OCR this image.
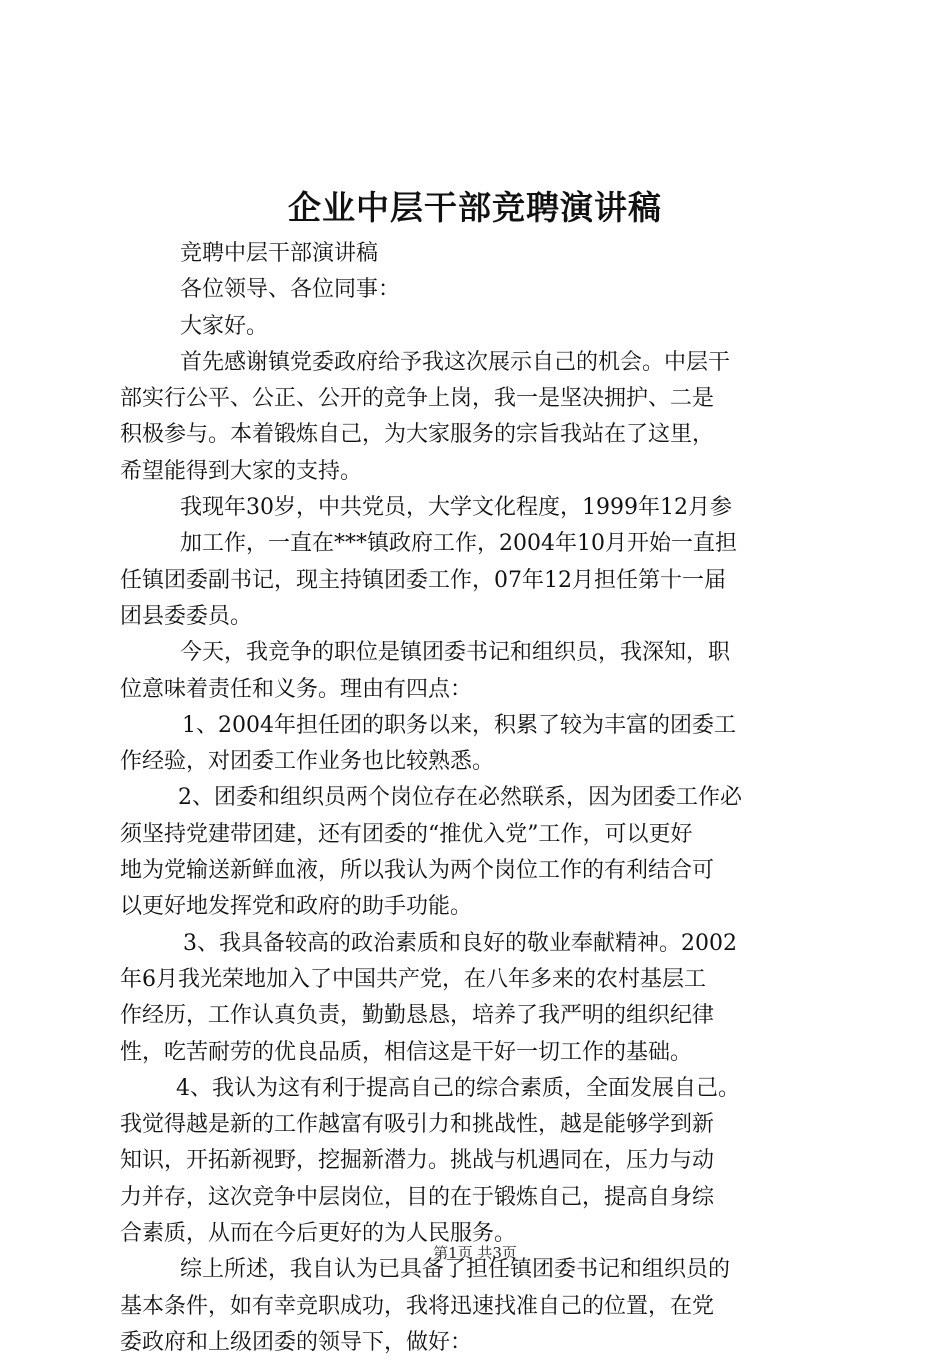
企业中层干部竞聘演讲稿
竞聘中层干部演讲稿
各位领导、各位同事：
大家好。
首先感谢镇党委政府给予我这次展示自己的机会。中层干
部实行公平、公正、公开的竞争上岗，我一是坚决拥护、二是
积极参与。本着锻炼自己，为大家服务的宗旨我站在了这里，
希望能得到大家的支持。
我现年30岁，中共党员，大学文化程度，1999年12月参
加工作，一直在***镇政府工作，2004年10月开始一直担
任镇团委副书记，现主持镇团委工作，07年12月担任第十一届
团县委委员。
今天，我竞争的职位是镇团委书记和组织员，我深知，职
位意味着责任和义务。理由有四点：
1、2004年担任团的职务以来，积累了较为丰富的团委工
作经验，对团委工作业务也比较熟悉。
2、团委和组织员两个岗位存在必然联系，因为团委工作必
须坚持党建带团建，还有团委的“推优入党”工作，可以更好
地为党输送新鲜血液，所以我认为两个岗位工作的有利结合可
以更好地发挥党和政府的助手功能。
3、我具备较高的政治素质和良好的敬业奉献精神。2002
年6月我光荣地加入了中国共产党，在八年多来的农村基层工
作经历，工作认真负责，勤勤恳恳，培养了我严明的组织纪律
性，吃苦耐劳的优良品质，相信这是干好一切工作的基础。
4、我认为这有利于提高自己的综合素质，全面发展自己。
我觉得越是新的工作越富有吸引力和挑战性，越是能够学到新
知识，开拓新视野，挖掘新潜力。挑战与机遇同在，压力与动
力并存，这次竞争中层岗位，目的在于锻炼自己，提高自身综
合素质，从而在今后更好的为人民服务。
综上所述，我自认为已具备了担任镇团委书记和组织员的
基本条件，如有幸竞职成功，我将迅速找准自己的位置，在党
委政府和上级团委的领导下，做好：
第1页 共3页
